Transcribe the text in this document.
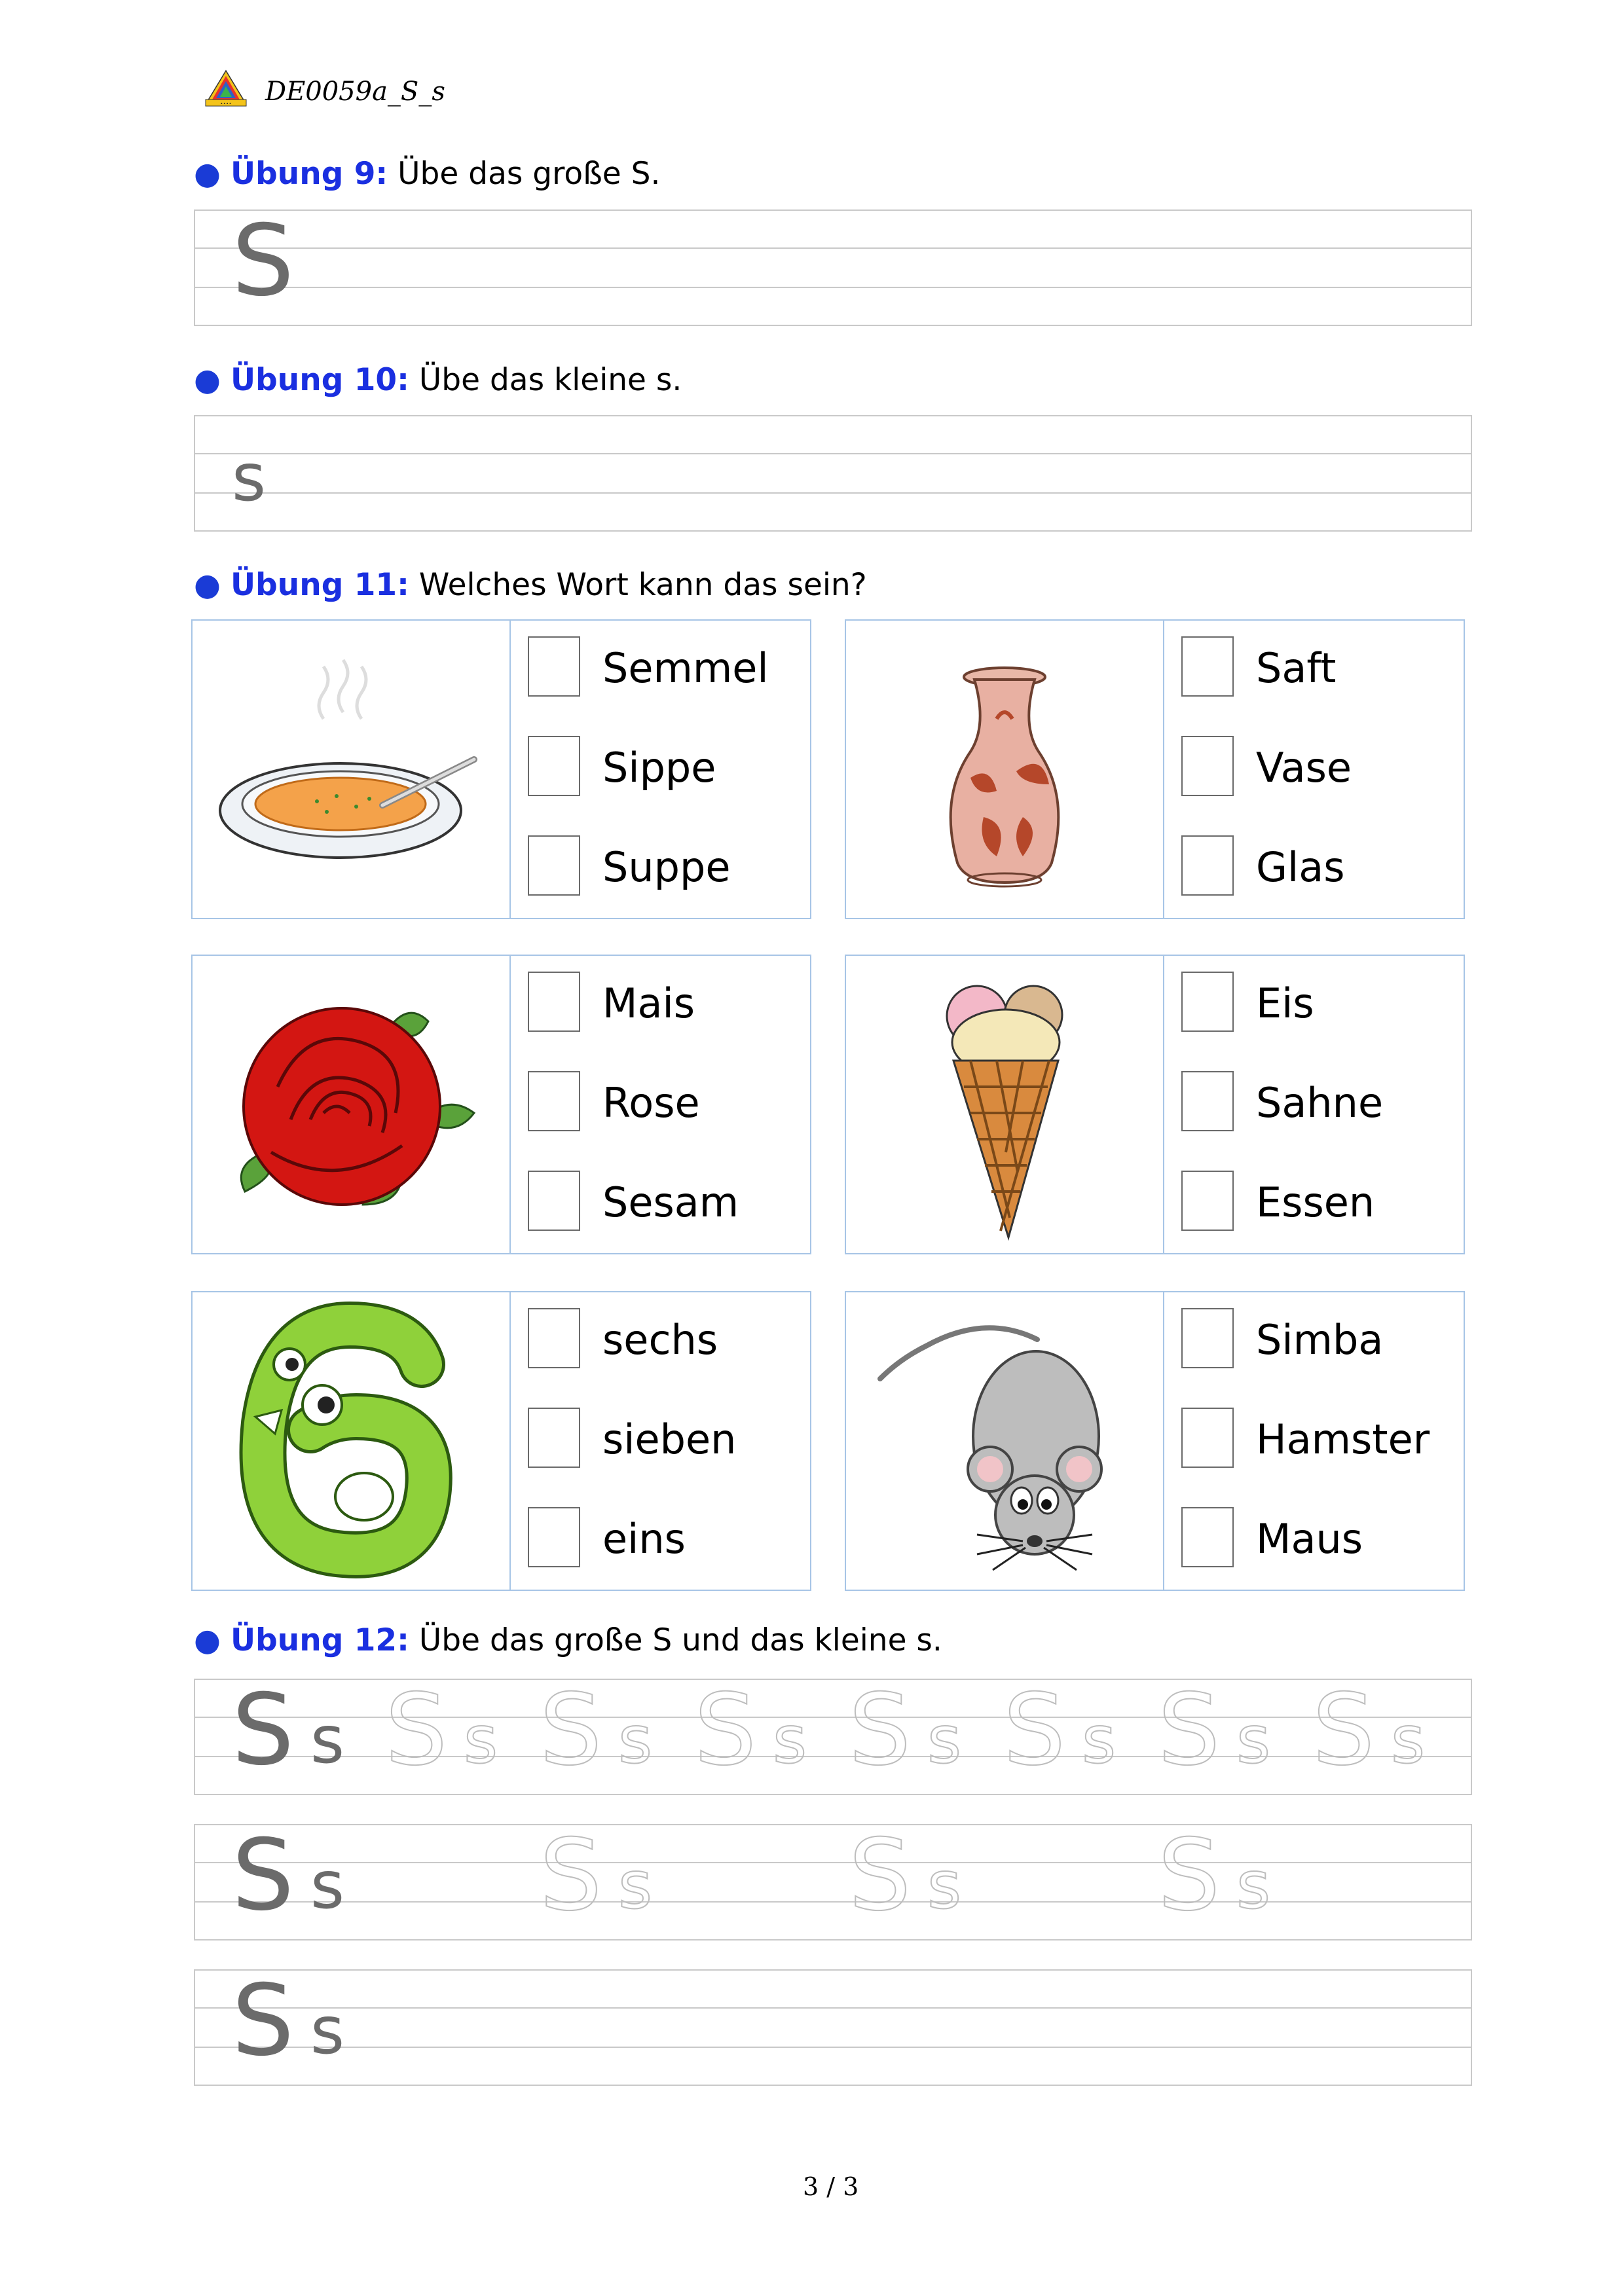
∙∙∙∙ DE0059a_S_s
● Übung 9: Übe das große S.
S
● Übung 10: Übe das kleine s.
s
● Übung 11: Welches Wort kann das sein?
Semmel
Sippe
Suppe
Saft
Vase
Glas
Mais
Rose
Sesam
Eis
Sahne
Essen
sechs
sieben
eins
Simba
Hamster
Maus
● Übung 12: Übe das große S und das kleine s.
S s S s S s S s S s S s S s S s
S s S s S s S s
S s
3 / 3
